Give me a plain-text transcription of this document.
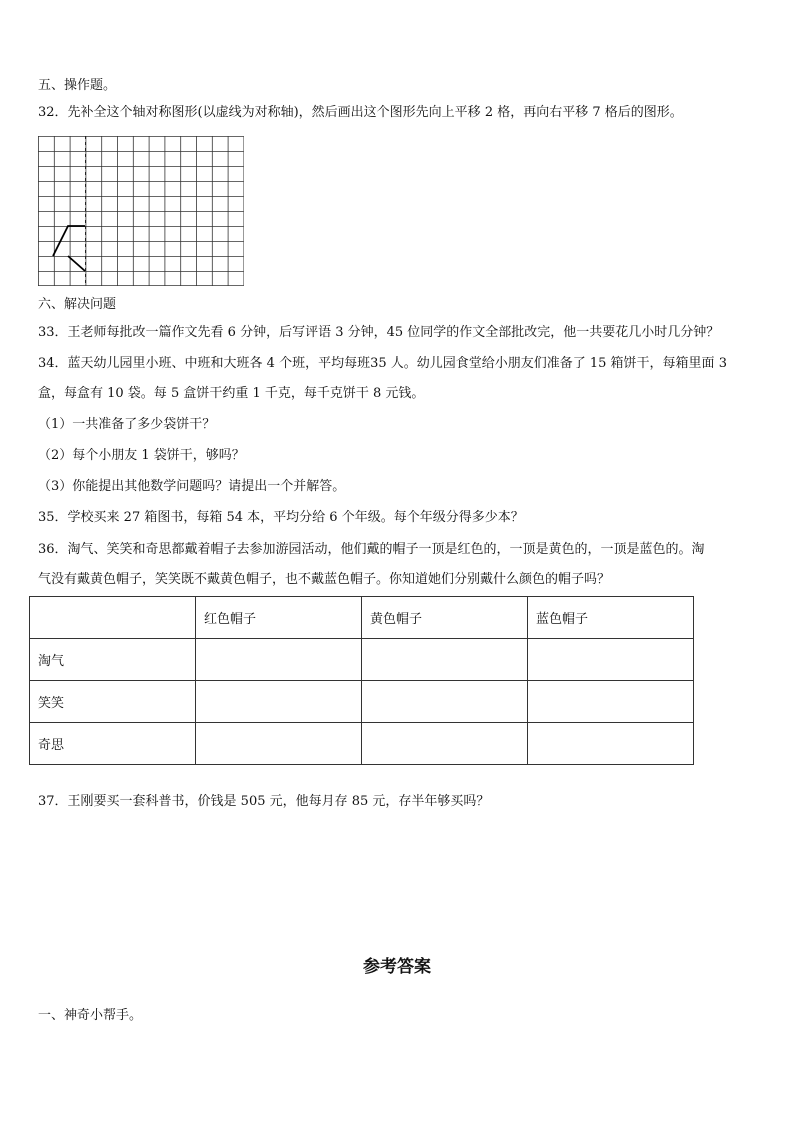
五、操作题。
32．先补全这个轴对称图形(以虚线为对称轴)，然后画出这个图形先向上平移 2 格，再向右平移 7 格后的图形。
六、解决问题
33．王老师每批改一篇作文先看 6 分钟，后写评语 3 分钟，45 位同学的作文全部批改完，他一共要花几小时几分钟？
34．蓝天幼儿园里小班、中班和大班各 4 个班，平均每班35 人。幼儿园食堂给小朋友们准备了 15 箱饼干，每箱里面 3
盒，每盒有 10 袋。每 5 盒饼干约重 1 千克，每千克饼干 8 元钱。
（1）一共准备了多少袋饼干？
（2）每个小朋友 1 袋饼干，够吗？
（3）你能提出其他数学问题吗？请提出一个并解答。
35．学校买来 27 箱图书，每箱 54 本，平均分给 6 个年级。每个年级分得多少本？
36．淘气、笑笑和奇思都戴着帽子去参加游园活动，他们戴的帽子一顶是红色的，一顶是黄色的，一顶是蓝色的。淘
气没有戴黄色帽子，笑笑既不戴黄色帽子，也不戴蓝色帽子。你知道她们分别戴什么颜色的帽子吗？
	红色帽子	黄色帽子	蓝色帽子
淘气			
笑笑			
奇思			
37．王刚要买一套科普书，价钱是 505 元，他每月存 85 元，存半年够买吗？
参考答案
一、神奇小帮手。
